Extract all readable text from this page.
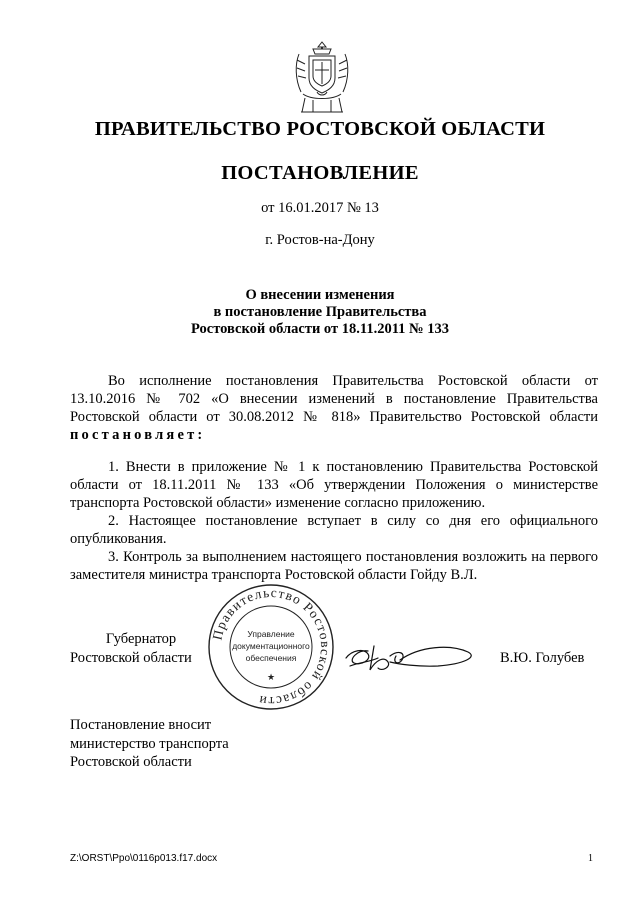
ПРАВИТЕЛЬСТВО РОСТОВСКОЙ ОБЛАСТИ
ПОСТАНОВЛЕНИЕ
от 16.01.2017 № 13
г. Ростов-на-Дону
О внесении изменения
в постановление Правительства
Ростовской области от 18.11.2011 № 133

Во исполнение постановления Правительства Ростовской области от 13.10.2016 № 702 «О внесении изменений в постановление Правительства Ростовской области от 30.08.2012 № 818» Правительство Ростовской области постановляет:

1. Внести в приложение № 1 к постановлению Правительства Ростовской области от 18.11.2011 № 133 «Об утверждении Положения о министерстве транспорта Ростовской области» изменение согласно приложению.

2. Настоящее постановление вступает в силу со дня его официального опубликования.

3. Контроль за выполнением настоящего постановления возложить на первого заместителя министра транспорта Ростовской области Гойду В.Л.

Губернатор
Ростовской области
Правительство Ростовской области
Управление
документационного
обеспечения
★
В.Ю. Голубев
Постановление вносит
министерство транспорта
Ростовской области
Z:\ORST\Ppo\0116p013.f17.docx	1
